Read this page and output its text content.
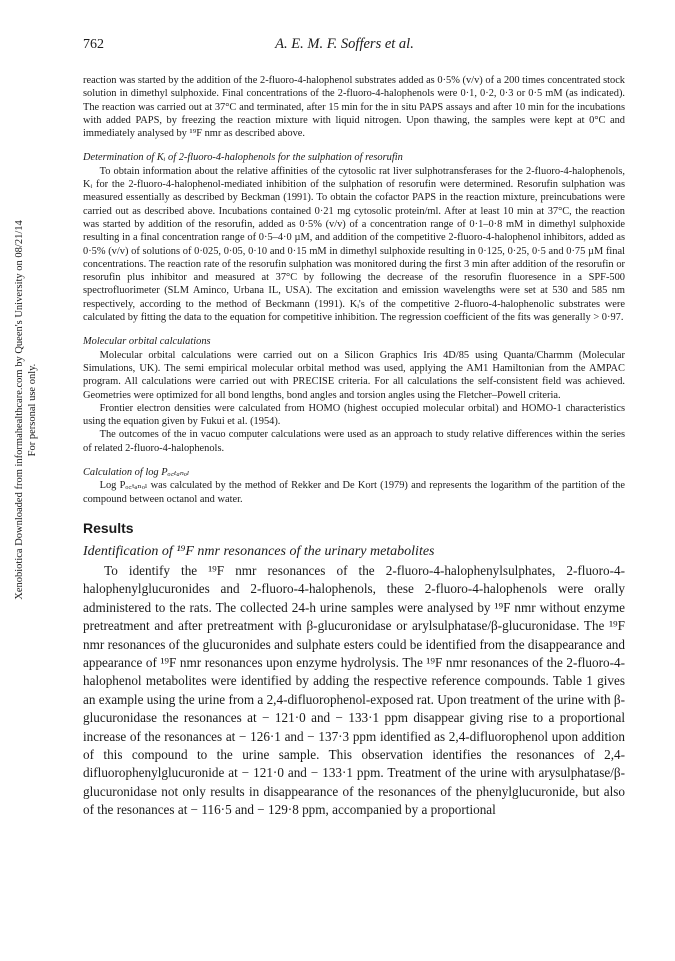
Xenobiotica Downloaded from informahealthcare.com by Queen's University on 08/21/14 For personal use only.
762	A. E. M. F. Soffers et al.

reaction was started by the addition of the 2-fluoro-4-halophenol substrates added as 0·5% (v/v) of a 200 times concentrated stock solution in dimethyl sulphoxide. Final concentrations of the 2-fluoro-4-halophenols were 0·1, 0·2, 0·3 or 0·5 mM (as indicated). The reaction was carried out at 37°C and terminated, after 15 min for the in situ PAPS assays and after 10 min for the incubations with added PAPS, by freezing the reaction mixture with liquid nitrogen. Upon thawing, the samples were kept at 0°C and immediately analysed by ¹⁹F nmr as described above.

Determination of Kᵢ of 2-fluoro-4-halophenols for the sulphation of resorufin

To obtain information about the relative affinities of the cytosolic rat liver sulphotransferases for the 2-fluoro-4-halophenols, Kᵢ for the 2-fluoro-4-halophenol-mediated inhibition of the sulphation of resorufin were determined. Resorufin sulphation was measured essentially as described by Beckman (1991). To obtain the cofactor PAPS in the reaction mixture, preincubations were carried out as described above. Incubations contained 0·21 mg cytosolic protein/ml. After at least 10 min at 37°C, the reaction was started by addition of the resorufin, added as 0·5% (v/v) of a concentration range of 0·1–0·8 mM in dimethyl sulphoxide resulting in a final concentration range of 0·5–4·0 µM, and addition of the competitive 2-fluoro-4-halophenol inhibitors, added as 0·5% (v/v) of solutions of 0·025, 0·05, 0·10 and 0·15 mM in dimethyl sulphoxide resulting in 0·125, 0·25, 0·5 and 0·75 µM final concentrations. The reaction rate of the resorufin sulphation was monitored during the first 3 min after addition of the resorufin or resorufin plus inhibitor and measured at 37°C by following the decrease of the resorufin fluoresence in a SPF-500 spectrofluorimeter (SLM Aminco, Urbana IL, USA). The excitation and emission wavelengths were set at 530 and 585 nm respectively, according to the method of Beckmann (1991). Kᵢ's of the competitive 2-fluoro-4-halophenolic substrates were calculated by fitting the data to the equation for competitive inhibition. The regression coefficient of the fits was generally > 0·97.

Molecular orbital calculations

Molecular orbital calculations were carried out on a Silicon Graphics Iris 4D/85 using Quanta/Charmm (Molecular Simulations, UK). The semi empirical molecular orbital method was used, applying the AM1 Hamiltonian from the AMPAC program. All calculations were carried out with PRECISE criteria. For all calculations the self-consistent field was achieved. Geometries were optimized for all bond lengths, bond angles and torsion angles using the Fletcher–Powell criteria.

Frontier electron densities were calculated from HOMO (highest occupied molecular orbital) and HOMO-1 characteristics using the equation given by Fukui et al. (1954).

The outcomes of the in vacuo computer calculations were used as an approach to study relative differences within the series of related 2-fluoro-4-halophenols.

Calculation of log Pₒ꜀ₜₐₙₒₗ

Log Pₒ꜀ₜₐₙₒₗ was calculated by the method of Rekker and De Kort (1979) and represents the logarithm of the partition of the compound between octanol and water.

Results
Identification of ¹⁹F nmr resonances of the urinary metabolites

To identify the ¹⁹F nmr resonances of the 2-fluoro-4-halophenylsulphates, 2-fluoro-4-halophenylglucuronides and 2-fluoro-4-halophenols, these 2-fluoro-4-halophenols were orally administered to the rats. The collected 24-h urine samples were analysed by ¹⁹F nmr without enzyme pretreatment and after pretreatment with β-glucuronidase or arylsulphatase/β-glucuronidase. The ¹⁹F nmr resonances of the glucuronides and sulphate esters could be identified from the disappearance and appearance of ¹⁹F nmr resonances upon enzyme hydrolysis. The ¹⁹F nmr resonances of the 2-fluoro-4-halophenol metabolites were identified by adding the respective reference compounds. Table 1 gives an example using the urine from a 2,4-difluorophenol-exposed rat. Upon treatment of the urine with β-glucuronidase the resonances at − 121·0 and − 133·1 ppm disappear giving rise to a proportional increase of the resonances at − 126·1 and − 137·3 ppm identified as 2,4-difluorophenol upon addition of this compound to the urine sample. This observation identifies the resonances of 2,4-difluorophenylglucuronide at − 121·0 and − 133·1 ppm. Treatment of the urine with arysulphatase/β-glucuronidase not only results in disappearance of the resonances of the phenylglucuronide, but also of the resonances at − 116·5 and − 129·8 ppm, accompanied by a proportional
